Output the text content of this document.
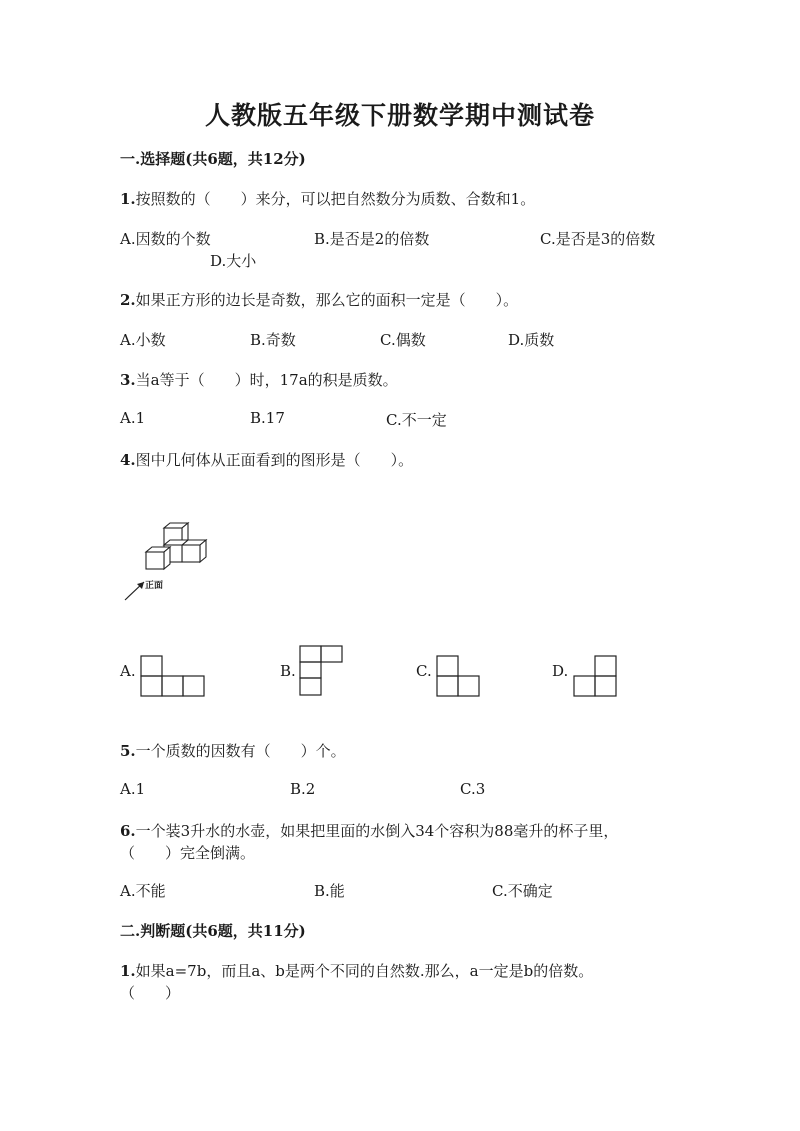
人教版五年级下册数学期中测试卷
一.选择题(共6题，共12分)
1.按照数的（　　）来分，可以把自然数分为质数、合数和1。
A.因数的个数	B.是否是2的倍数	C.是否是3的倍数
D.大小
2.如果正方形的边长是奇数，那么它的面积一定是（　　）。
A.小数	B.奇数	C.偶数	D.质数
3.当a等于（　　）时，17a的积是质数。
A.1	B.17	C.不一定
4.图中几何体从正面看到的图形是（　　）。
正面
A.	B.	C.	D.
5.一个质数的因数有（　　）个。
A.1	B.2	C.3
6.一个装3升水的水壶，如果把里面的水倒入34个容积为88毫升的杯子里，
（　　）完全倒满。
A.不能	B.能	C.不确定
二.判断题(共6题，共11分)
1.如果a=7b，而且a、b是两个不同的自然数.那么，a一定是b的倍数。
（　　）
